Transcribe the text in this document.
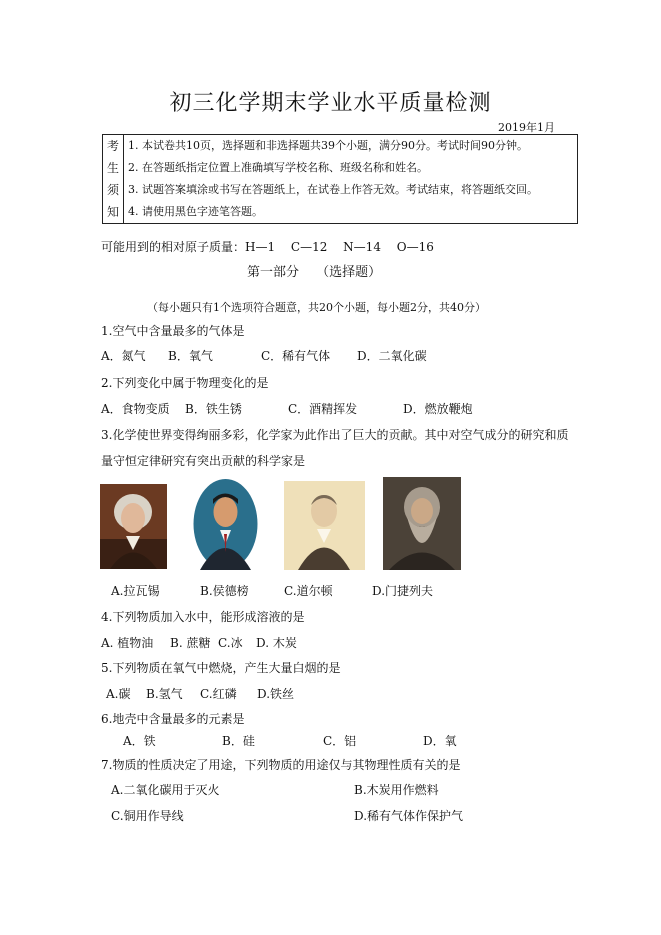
初三化学期末学业水平质量检测
2019年1月
考
生
须
知

1. 本试卷共10页，选择题和非选择题共39个小题，满分90分。考试时间90分钟。
2. 在答题纸指定位置上准确填写学校名称、班级名称和姓名。
3. 试题答案填涂或书写在答题纸上，在试卷上作答无效。考试结束，将答题纸交回。
4. 请使用黑色字迹笔答题。
可能用到的相对原子质量：H—1　 C—12　 N—14　 O—16
第一部分　 （选择题）
（每小题只有1个选项符合题意，共20个小题，每小题2分，共40分）
1.空气中含量最多的气体是
A．氮气 B．氧气	C．稀有气体 D．二氧化碳
2.下列变化中属于物理变化的是
A．食物变质 B．铁生锈	C．酒精挥发	D．燃放鞭炮
3.化学使世界变得绚丽多彩，化学家为此作出了巨大的贡献。其中对空气成分的研究和质
量守恒定律研究有突出贡献的科学家是
A.拉瓦锡	B.侯德榜	C.道尔顿	D.门捷列夫
4.下列物质加入水中，能形成溶液的是
A. 植物油 B. 蔗糖 C.冰 D. 木炭
5.下列物质在氧气中燃烧，产生大量白烟的是
A.碳 B.氢气 C.红磷 D.铁丝
6.地壳中含量最多的元素是
A．铁	B．硅	C．铝	D．氧
7.物质的性质决定了用途，下列物质的用途仅与其物理性质有关的是
A.二氧化碳用于灭火	B.木炭用作燃料
C.铜用作导线	D.稀有气体作保护气
